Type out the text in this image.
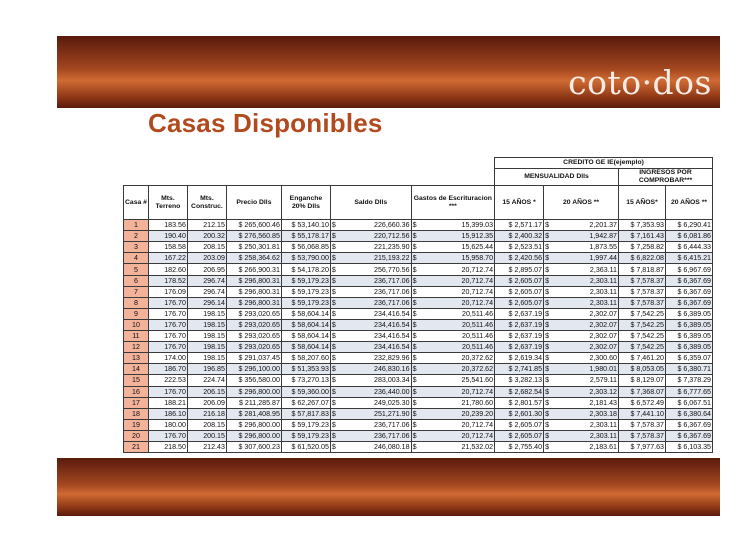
coto·dos
Casas Disponibles
									CREDITO GE IE(ejemplo)				
									MENSUALIDAD Dlls			INGRESOS POR COMPROBAR***	
Casa #	Mts. Terreno	Mts. Construc.	Precio Dlls	Enganche 20% Dlls	Saldo Dlls		Gastos de Escrituracion ***		15 AÑOS *	20 AÑOS **		15 AÑOS*	20 AÑOS **
1	183.56	212.15	$ 265,600.46	$ 53,140.10	$	226,660.36	$	15,399.03	$ 2,571.17	$	2,201.37	$ 7,353.93	$ 6,290.41
2	190.40	200.32	$ 276,560.85	$ 55,178.17	$	220,712.56	$	15,912.35	$ 2,400.32	$	1,942.87	$ 7,161.43	$ 6,081.86
3	158.58	208.15	$ 250,301.81	$ 56,068.85	$	221,235.90	$	15,625.44	$ 2,523.51	$	1,873.55	$ 7,258.82	$ 6,444.33
4	167.22	203.09	$ 258,364.62	$ 53,790.00	$	215,193.22	$	15,958.70	$ 2,420.56	$	1,997.44	$ 6,822.08	$ 6,415.21
5	182.60	206.95	$ 266,900.31	$ 54,178.20	$	256,770.56	$	20,712.74	$ 2,895.07	$	2,363.11	$ 7,818.87	$ 6,967.69
6	178.52	296.74	$ 296,800.31	$ 59,179.23	$	236,717.06	$	20,712.74	$ 2,605.07	$	2,303.11	$ 7,578.37	$ 6,367.69
7	176.09	296.74	$ 296,800.31	$ 59,179.23	$	236,717.06	$	20,712.74	$ 2,605.07	$	2,303.11	$ 7,578.37	$ 6,367.69
8	176.70	296.14	$ 296,800.31	$ 59,179.23	$	236,717.06	$	20,712.74	$ 2,605.07	$	2,303.11	$ 7,578.37	$ 6,367.69
9	176.70	198.15	$ 293,020.65	$ 58,604.14	$	234,416.54	$	20,511.46	$ 2,637.19	$	2,302.07	$ 7,542.25	$ 6,389.05
10	176.70	198.15	$ 293,020.65	$ 58,604.14	$	234,416.54	$	20,511.46	$ 2,637.19	$	2,302.07	$ 7,542.25	$ 6,389.05
11	176.70	198.15	$ 293,020.65	$ 58,604.14	$	234,416.54	$	20,511.46	$ 2,637.19	$	2,302.07	$ 7,542.25	$ 6,389.05
12	176.70	198.15	$ 293,020.65	$ 58,604.14	$	234,416.54	$	20,511.46	$ 2,637.19	$	2,302.07	$ 7,542.25	$ 6,389.05
13	174.00	198.15	$ 291,037.45	$ 58,207.60	$	232,829.96	$	20,372.62	$ 2,619.34	$	2,300.60	$ 7,461.20	$ 6,359.07
14	186.70	196.85	$ 296,100.00	$ 51,353.93	$	246,830.16	$	20,372.62	$ 2,741.85	$	1,980.01	$ 8,053.05	$ 6,380.71
15	222.53	224.74	$ 356,580.00	$ 73,270.13	$	283,003.34	$	25,541.60	$ 3,282.13	$	2,579.11	$ 8,129.07	$ 7,378.29
16	176.70	206.15	$ 296,800.00	$ 59,360.00	$	236,440.00	$	20,712.74	$ 2,682.54	$	2,303.12	$ 7,368.07	$ 6,777.65
17	188.21	206.09	$ 211,285.87	$ 62,267.07	$	249,025.30	$	21,780.60	$ 2,801.57	$	2,181.43	$ 6,572.49	$ 6,067.51
18	186.10	216.18	$ 281,408.95	$ 57,817.83	$	251,271.90	$	20,239.20	$ 2,601.30	$	2,303.18	$ 7,441.10	$ 6,380.64
19	180.00	208.15	$ 296,800.00	$ 59,179.23	$	236,717.06	$	20,712.74	$ 2,605.07	$	2,303.11	$ 7,578.37	$ 6,367.69
20	176.70	200.15	$ 296,800.00	$ 59,179.23	$	236,717.06	$	20,712.74	$ 2,605.07	$	2,303.11	$ 7,578.37	$ 6,367.69
21	218.50	212.43	$ 307,600.23	$ 61,520.05	$	246,080.18	$	21,532.02	$ 2,755.40	$	2,183.61	$ 7,977.63	$ 6,103.35
